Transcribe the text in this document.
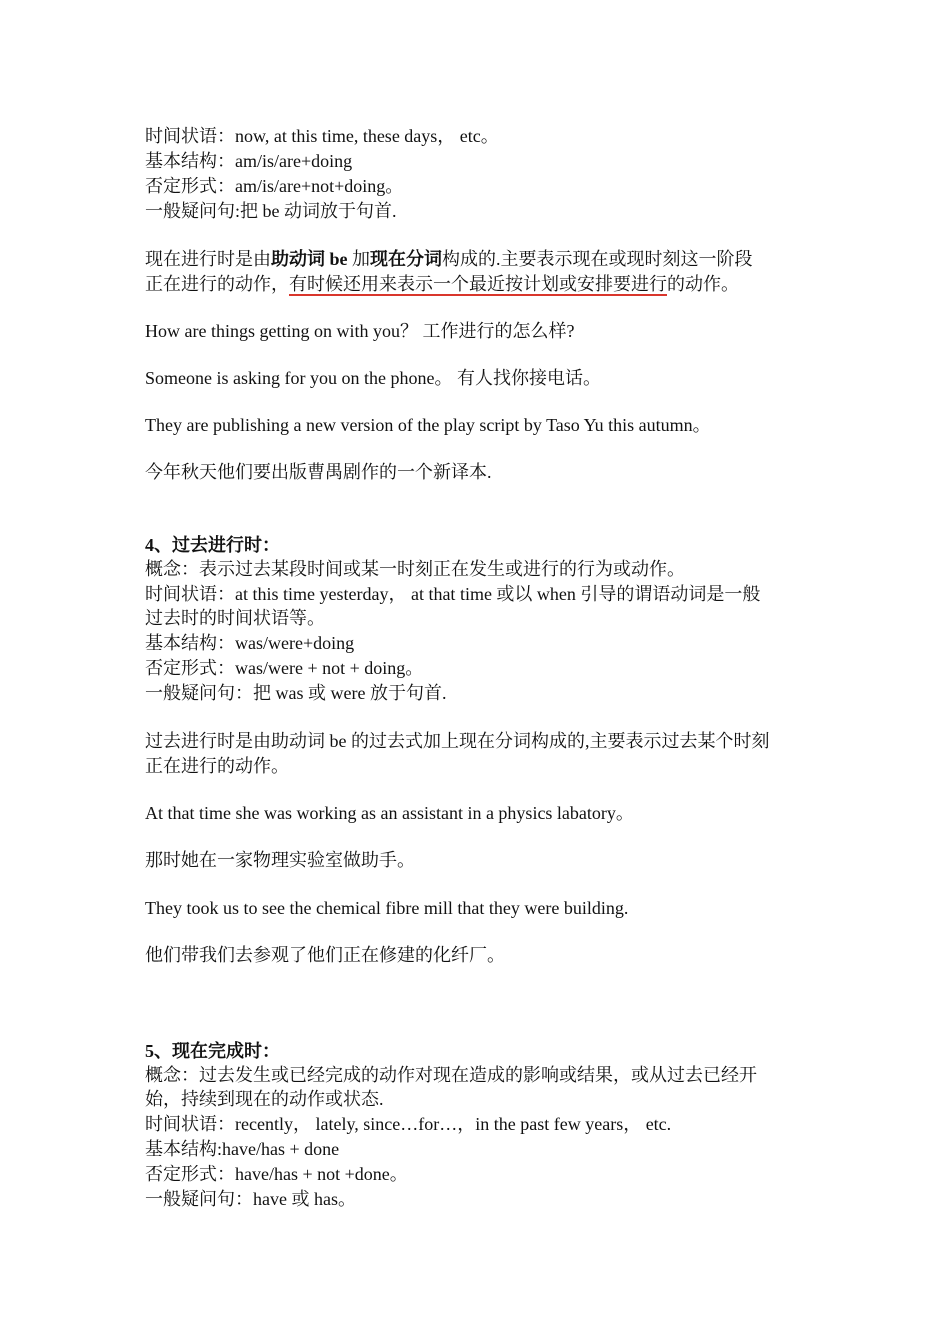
时间状语：now, at this time, these days， etc。
基本结构：am/is/are+doing
否定形式：am/is/are+not+doing。
一般疑问句:把 be 动词放于句首.
现在进行时是由助动词 be 加现在分词构成的.主要表示现在或现时刻这一阶段
正在进行的动作，有时候还用来表示一个最近按计划或安排要进行的动作。
How are things getting on with you？ 工作进行的怎么样?
Someone is asking for you on the phone。 有人找你接电话。
They are publishing a new version of the play script by Taso Yu this autumn。
今年秋天他们要出版曹禺剧作的一个新译本.
4、过去进行时：
概念：表示过去某段时间或某一时刻正在发生或进行的行为或动作。
时间状语：at this time yesterday， at that time 或以 when 引导的谓语动词是一般
过去时的时间状语等。
基本结构：was/were+doing
否定形式：was/were + not + doing。
一般疑问句：把 was 或 were 放于句首.
过去进行时是由助动词 be 的过去式加上现在分词构成的,主要表示过去某个时刻
正在进行的动作。
At that time she was working as an assistant in a physics labatory。
那时她在一家物理实验室做助手。
They took us to see the chemical fibre mill that they were building.
他们带我们去参观了他们正在修建的化纤厂。
5、现在完成时：
概念：过去发生或已经完成的动作对现在造成的影响或结果，或从过去已经开
始，持续到现在的动作或状态.
时间状语：recently， lately, since…for…，in the past few years， etc.
基本结构:have/has + done
否定形式：have/has + not +done。
一般疑问句：have 或 has。
